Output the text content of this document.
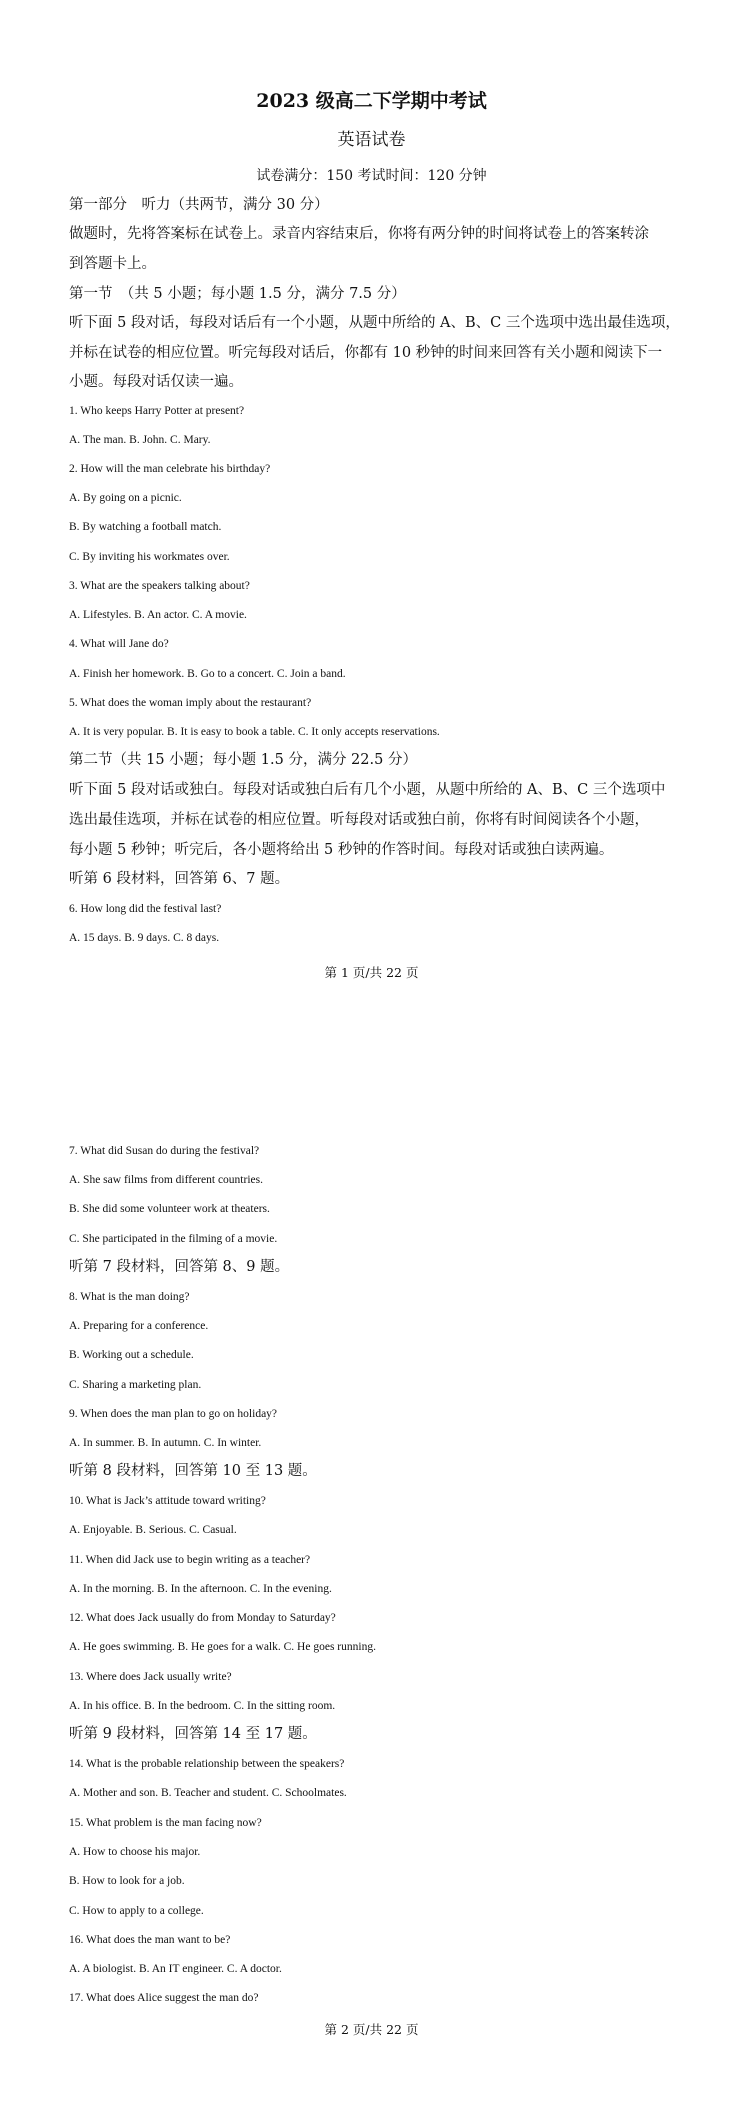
2023 级高二下学期中考试
英语试卷
试卷满分：150 考试时间：120 分钟
第一部分　听力（共两节，满分 30 分）
做题时，先将答案标在试卷上。录音内容结束后，你将有两分钟的时间将试卷上的答案转涂
到答题卡上。
第一节　（共 5 小题；每小题 1.5 分，满分 7.5 分）
听下面 5 段对话，每段对话后有一个小题，从题中所给的 A、B、C 三个选项中选出最佳选项，
并标在试卷的相应位置。听完每段对话后，你都有 10 秒钟的时间来回答有关小题和阅读下一
小题。每段对话仅读一遍。
1. Who keeps Harry Potter at present?
A. The man. B. John. C. Mary.
2. How will the man celebrate his birthday?
A. By going on a picnic.
B. By watching a football match.
C. By inviting his workmates over.
3. What are the speakers talking about?
A. Lifestyles. B. An actor. C. A movie.
4. What will Jane do?
A. Finish her homework. B. Go to a concert. C. Join a band.
5. What does the woman imply about the restaurant?
A. It is very popular. B. It is easy to book a table. C. It only accepts reservations.
第二节（共 15 小题；每小题 1.5 分，满分 22.5 分）
听下面 5 段对话或独白。每段对话或独白后有几个小题，从题中所给的 A、B、C 三个选项中
选出最佳选项，并标在试卷的相应位置。听每段对话或独白前，你将有时间阅读各个小题，
每小题 5 秒钟；听完后，各小题将给出 5 秒钟的作答时间。每段对话或独白读两遍。
听第 6 段材料，回答第 6、7 题。
6. How long did the festival last?
A. 15 days. B. 9 days. C. 8 days.
第 1 页/共 22 页
7. What did Susan do during the festival?
A. She saw films from different countries.
B. She did some volunteer work at theaters.
C. She participated in the filming of a movie.
听第 7 段材料，回答第 8、9 题。
8. What is the man doing?
A. Preparing for a conference.
B. Working out a schedule.
C. Sharing a marketing plan.
9. When does the man plan to go on holiday?
A. In summer. B. In autumn. C. In winter.
听第 8 段材料，回答第 10 至 13 题。
10. What is Jack’s attitude toward writing?
A. Enjoyable. B. Serious. C. Casual.
11. When did Jack use to begin writing as a teacher?
A. In the morning. B. In the afternoon. C. In the evening.
12. What does Jack usually do from Monday to Saturday?
A. He goes swimming. B. He goes for a walk. C. He goes running.
13. Where does Jack usually write?
A. In his office. B. In the bedroom. C. In the sitting room.
听第 9 段材料，回答第 14 至 17 题。
14. What is the probable relationship between the speakers?
A. Mother and son. B. Teacher and student. C. Schoolmates.
15. What problem is the man facing now?
A. How to choose his major.
B. How to look for a job.
C. How to apply to a college.
16. What does the man want to be?
A. A biologist. B. An IT engineer. C. A doctor.
17. What does Alice suggest the man do?
第 2 页/共 22 页
